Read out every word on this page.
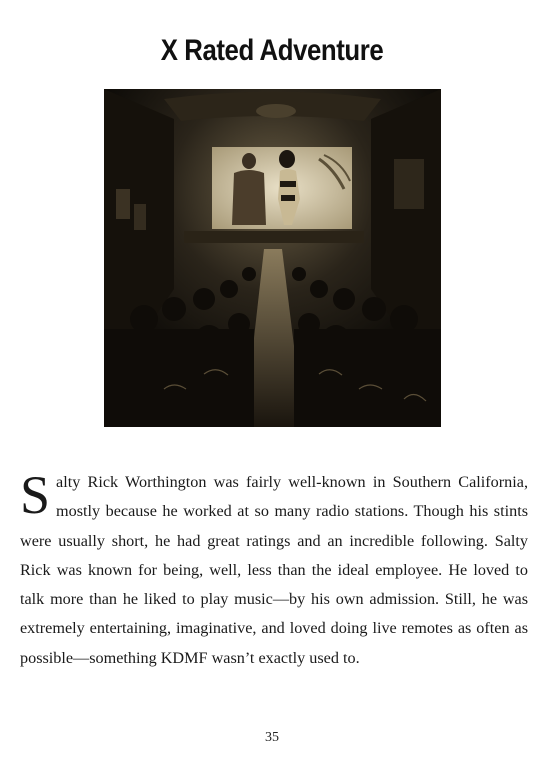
X Rated Adventure

Salty Rick Worthington was fairly well-known in Southern California, mostly because he worked at so many radio stations. Though his stints were usually short, he had great ratings and an incredible following. Salty Rick was known for being, well, less than the ideal employee. He loved to talk more than he liked to play music—by his own admission. Still, he was extremely entertaining, imaginative, and loved doing live remotes as often as possible—something KDMF wasn’t exactly used to.

35
